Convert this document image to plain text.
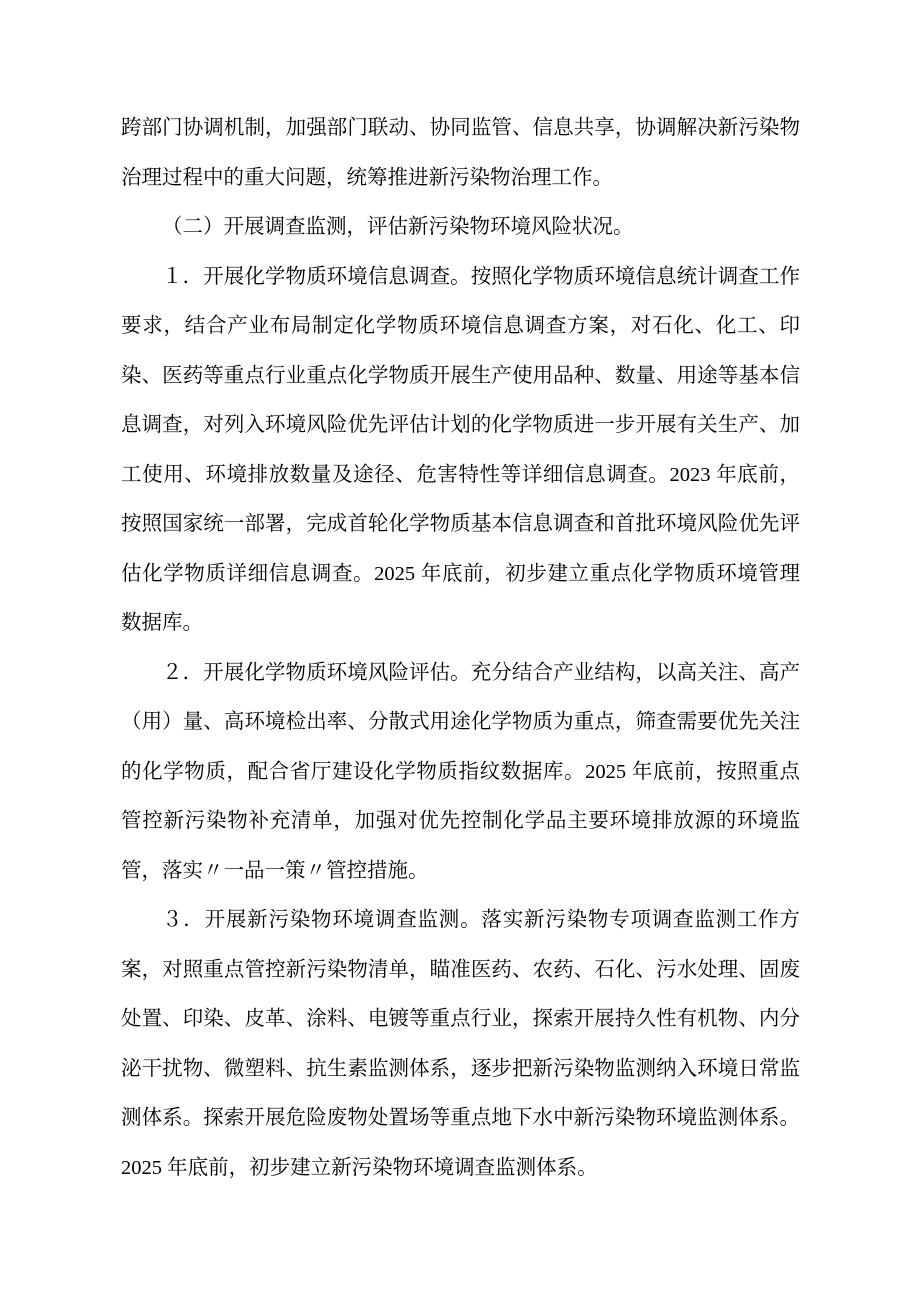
跨部门协调机制，加强部门联动、协同监管、信息共享，协调解决新污染物治理过程中的重大问题，统筹推进新污染物治理工作。

（二）开展调查监测，评估新污染物环境风险状况。

１．开展化学物质环境信息调查。按照化学物质环境信息统计调查工作要求，结合产业布局制定化学物质环境信息调查方案，对石化、化工、印染、医药等重点行业重点化学物质开展生产使用品种、数量、用途等基本信息调查，对列入环境风险优先评估计划的化学物质进一步开展有关生产、加工使用、环境排放数量及途径、危害特性等详细信息调查。2023 年底前，按照国家统一部署，完成首轮化学物质基本信息调查和首批环境风险优先评估化学物质详细信息调查。2025 年底前，初步建立重点化学物质环境管理数据库。

２．开展化学物质环境风险评估。充分结合产业结构，以高关注、高产（用）量、高环境检出率、分散式用途化学物质为重点，筛查需要优先关注的化学物质，配合省厅建设化学物质指纹数据库。2025 年底前，按照重点管控新污染物补充清单，加强对优先控制化学品主要环境排放源的环境监管，落实〃一品一策〃管控措施。

３．开展新污染物环境调查监测。落实新污染物专项调查监测工作方案，对照重点管控新污染物清单，瞄准医药、农药、石化、污水处理、固废处置、印染、皮革、涂料、电镀等重点行业，探索开展持久性有机物、内分泌干扰物、微塑料、抗生素监测体系，逐步把新污染物监测纳入环境日常监测体系。探索开展危险废物处置场等重点地下水中新污染物环境监测体系。2025 年底前，初步建立新污染物环境调查监测体系。
